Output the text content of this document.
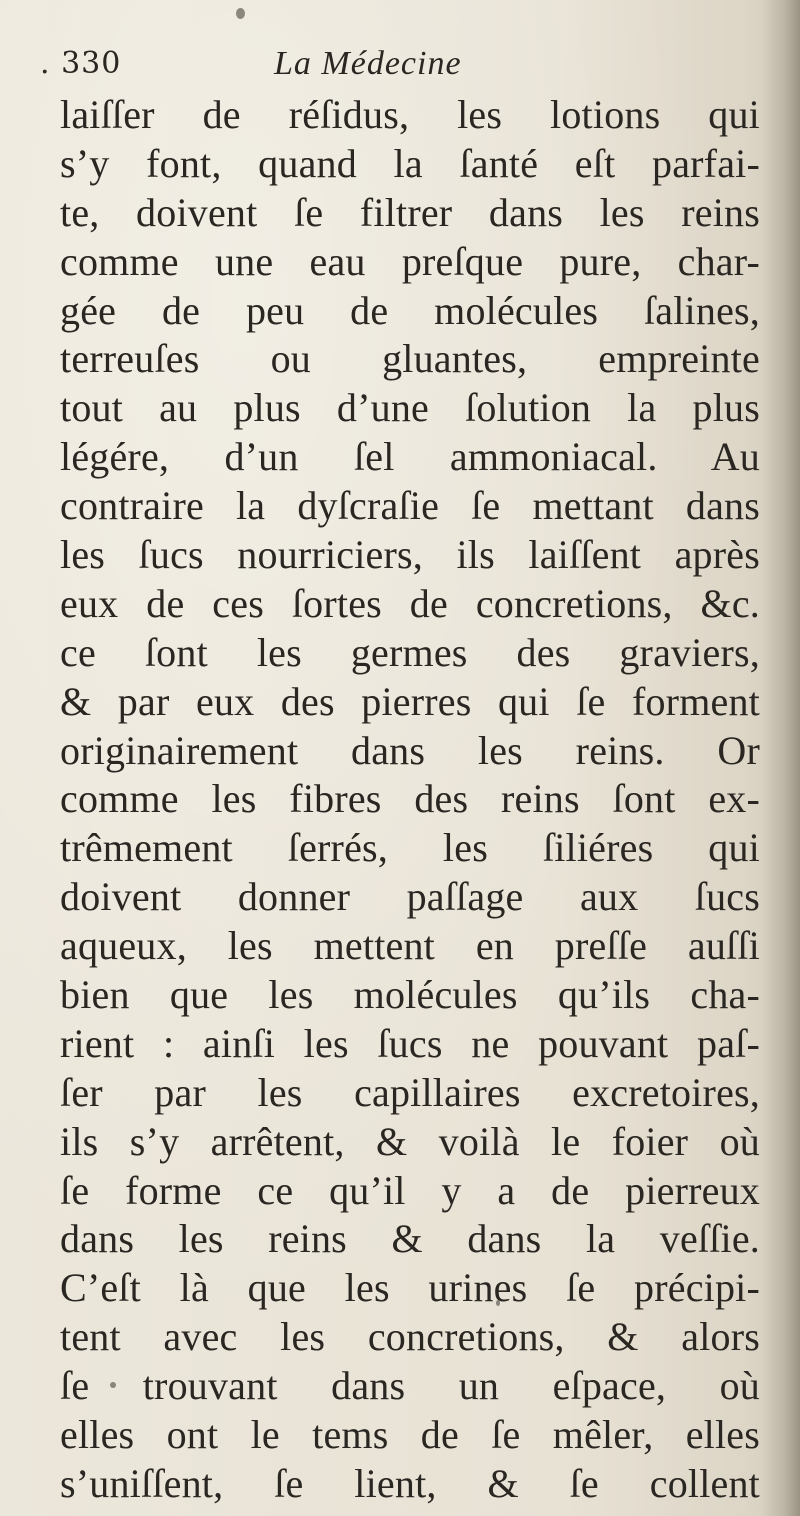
. 330	La Médecine
laiſſer de réſidus, les lotions qui
s’y font, quand la ſanté eſt parfai-
te, doivent ſe filtrer dans les reins
comme une eau preſque pure, char-
gée de peu de molécules ſalines,
terreuſes ou gluantes, empreinte
tout au plus d’une ſolution la plus
légére, d’un ſel ammoniacal. Au
contraire la dyſcraſie ſe mettant dans
les ſucs nourriciers, ils laiſſent après
eux de ces ſortes de concretions, &c.
ce ſont les germes des graviers,
& par eux des pierres qui ſe forment
originairement dans les reins. Or
comme les fibres des reins ſont ex-
trêmement ſerrés, les ſiliéres qui
doivent donner paſſage aux ſucs
aqueux, les mettent en preſſe auſſi
bien que les molécules qu’ils cha-
rient : ainſi les ſucs ne pouvant paſ-
ſer par les capillaires excretoires,
ils s’y arrêtent, & voilà le foier où
ſe forme ce qu’il y a de pierreux
dans les reins & dans la veſſie.
C’eſt là que les urines ſe précipi-
tent avec les concretions, & alors
ſe trouvant dans un eſpace, où
elles ont le tems de ſe mêler, elles
s’uniſſent, ſe lient, & ſe collent
